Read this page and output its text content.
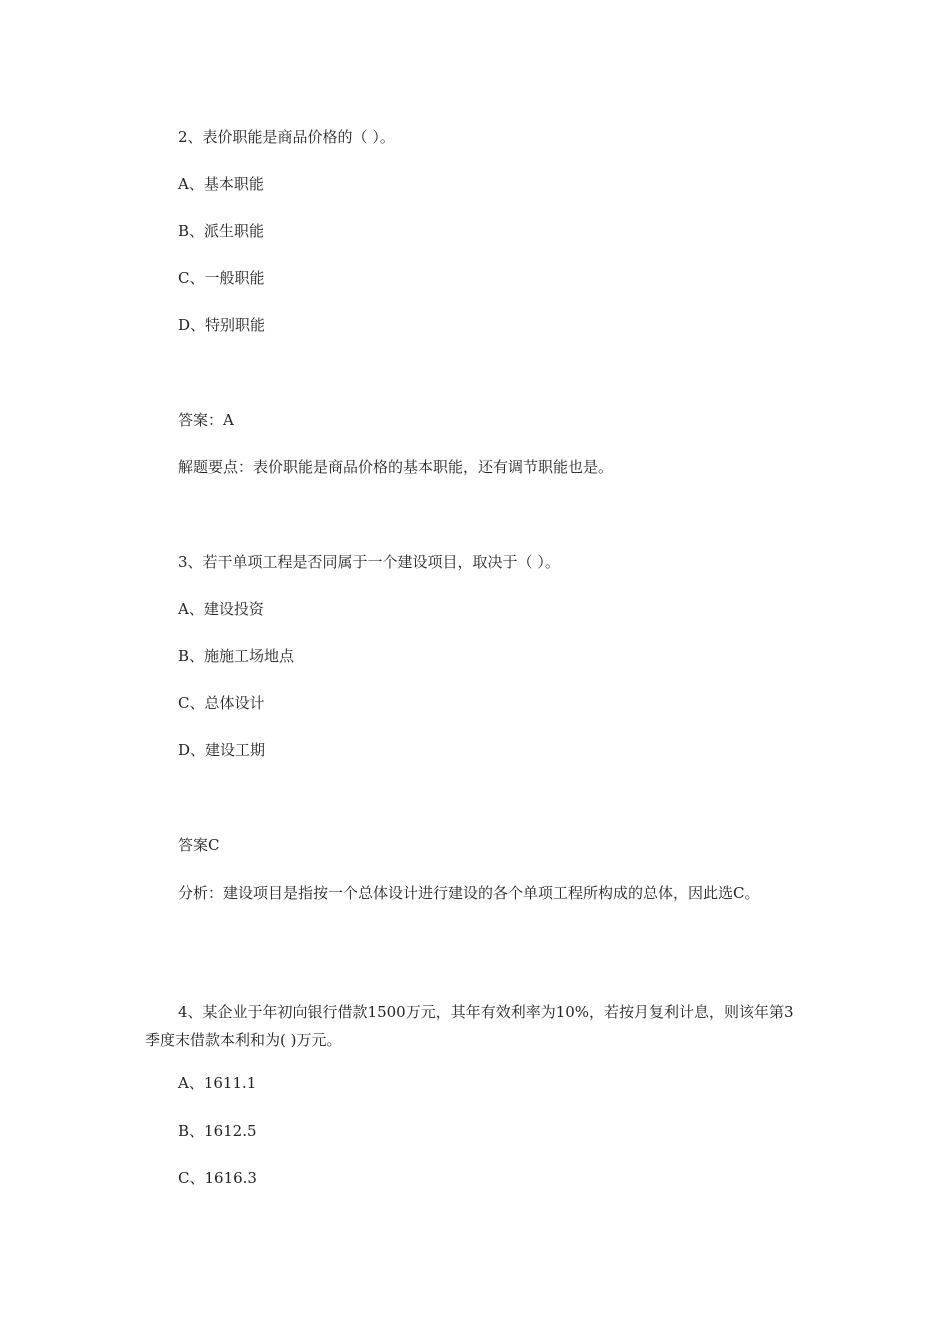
2、表价职能是商品价格的（ ）。
A、基本职能
B、派生职能
C、一般职能
D、特别职能
答案：A
解题要点：表价职能是商品价格的基本职能，还有调节职能也是。
3、若干单项工程是否同属于一个建设项目，取决于（ ）。
A、建设投资
B、施施工场地点
C、总体设计
D、建设工期
答案C
分析：建设项目是指按一个总体设计进行建设的各个单项工程所构成的总体，因此选C。
4、某企业于年初向银行借款1500万元，其年有效利率为10%，若按月复利计息，则该年第3季度末借款本利和为( )万元。
A、1611.1
B、1612.5
C、1616.3
